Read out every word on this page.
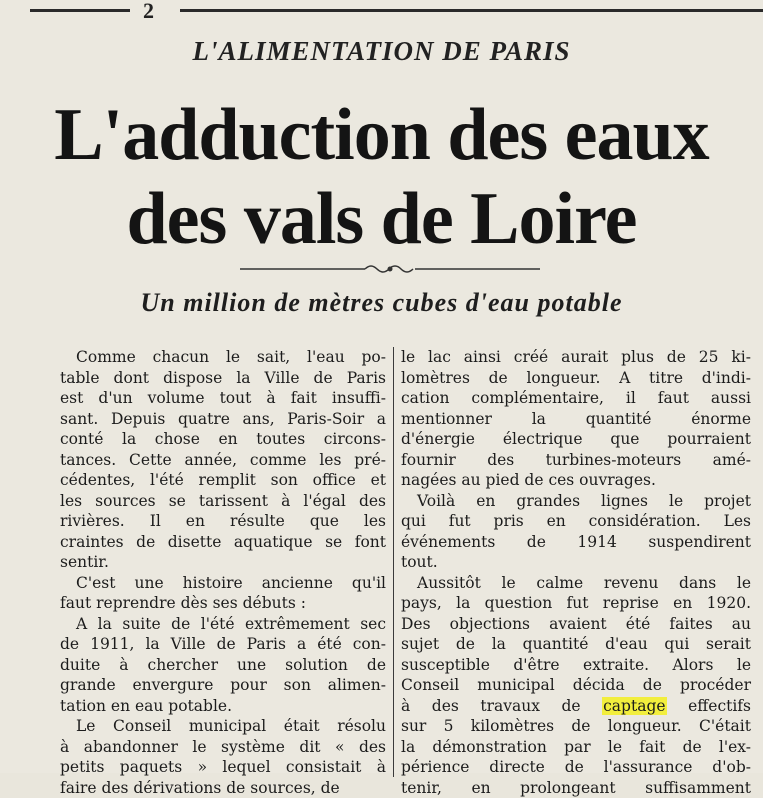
2
L'ALIMENTATION DE PARIS
L'adduction des eaux
des vals de Loire
Un million de mètres cubes d'eau potable
Comme chacun le sait, l'eau po-
table dont dispose la Ville de Paris
est d'un volume tout à fait insuffi-
sant. Depuis quatre ans, Paris-Soir a
conté la chose en toutes circons-
tances. Cette année, comme les pré-
cédentes, l'été remplit son office et
les sources se tarissent à l'égal des
rivières. Il en résulte que les
craintes de disette aquatique se font
sentir.
C'est une histoire ancienne qu'il
faut reprendre dès ses débuts :
A la suite de l'été extrêmement sec
de 1911, la Ville de Paris a été con-
duite à chercher une solution de
grande envergure pour son alimen-
tation en eau potable.
Le Conseil municipal était résolu
à abandonner le système dit « des
petits paquets » lequel consistait à
faire des dérivations de sources, de
le lac ainsi créé aurait plus de 25 ki-
lomètres de longueur. A titre d'indi-
cation complémentaire, il faut aussi
mentionner la quantité énorme
d'énergie électrique que pourraient
fournir des turbines-moteurs amé-
nagées au pied de ces ouvrages.
Voilà en grandes lignes le projet
qui fut pris en considération. Les
événements de 1914 suspendirent
tout.
Aussitôt le calme revenu dans le
pays, la question fut reprise en 1920.
Des objections avaient été faites au
sujet de la quantité d'eau qui serait
susceptible d'être extraite. Alors le
Conseil municipal décida de procéder
à des travaux de captage effectifs
sur 5 kilomètres de longueur. C'était
la démonstration par le fait de l'ex-
périence directe de l'assurance d'ob-
tenir, en prolongeant suffisamment
